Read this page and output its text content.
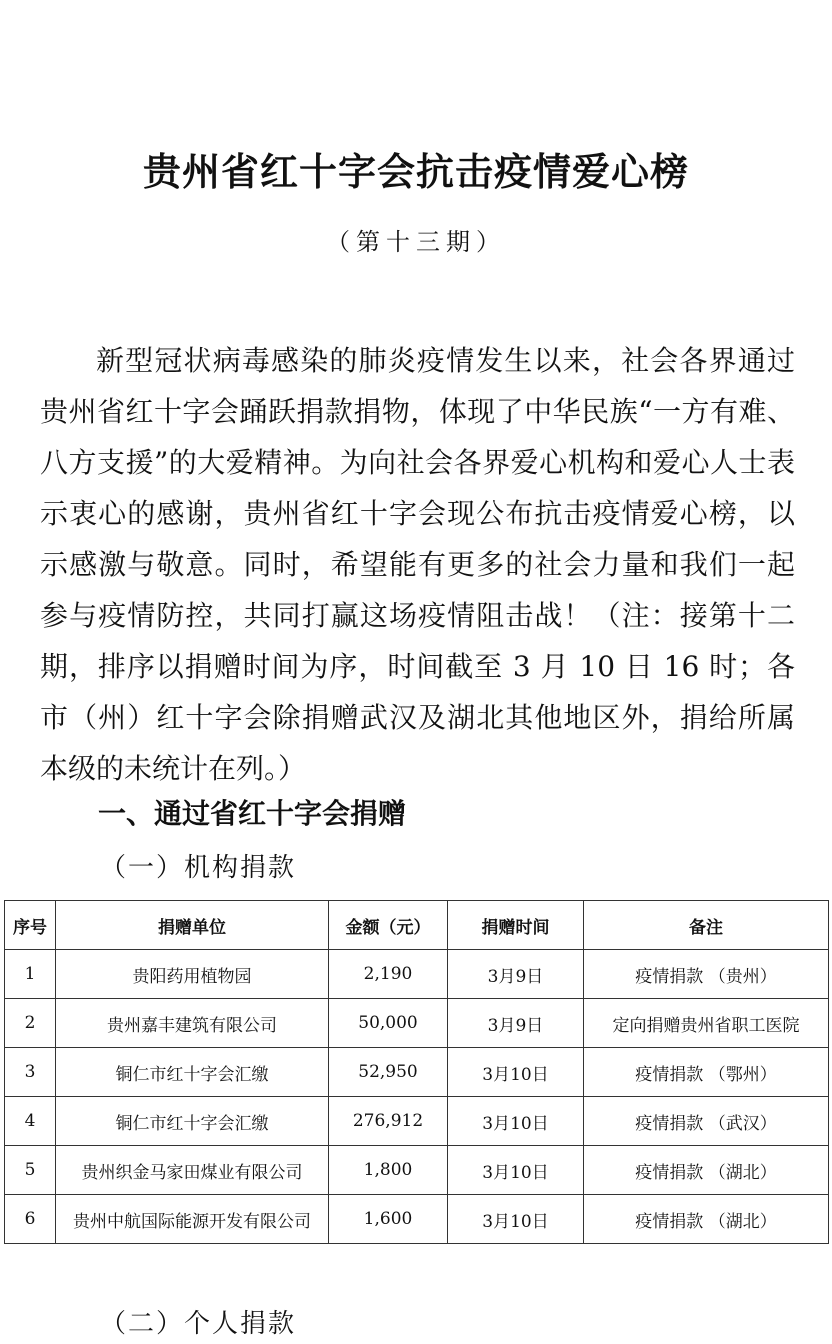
贵州省红十字会抗击疫情爱心榜
（第十三期）

新型冠状病毒感染的肺炎疫情发生以来，社会各界通过贵州省红十字会踊跃捐款捐物，体现了中华民族“一方有难、八方支援”的大爱精神。为向社会各界爱心机构和爱心人士表示衷心的感谢，贵州省红十字会现公布抗击疫情爱心榜，以示感激与敬意。同时，希望能有更多的社会力量和我们一起参与疫情防控，共同打赢这场疫情阻击战！（注：接第十二期，排序以捐赠时间为序，时间截至 3 月 10 日 16 时；各市（州）红十字会除捐赠武汉及湖北其他地区外，捐给所属本级的未统计在列。）

一、通过省红十字会捐赠
（一）机构捐款
序号	捐赠单位	金额（元）	捐赠时间	备注
1	贵阳药用植物园	2,190	3月9日	疫情捐款 （贵州）
2	贵州嘉丰建筑有限公司	50,000	3月9日	定向捐赠贵州省职工医院
3	铜仁市红十字会汇缴	52,950	3月10日	疫情捐款 （鄂州）
4	铜仁市红十字会汇缴	276,912	3月10日	疫情捐款 （武汉）
5	贵州织金马家田煤业有限公司	1,800	3月10日	疫情捐款 （湖北）
6	贵州中航国际能源开发有限公司	1,600	3月10日	疫情捐款 （湖北）
（二）个人捐款
